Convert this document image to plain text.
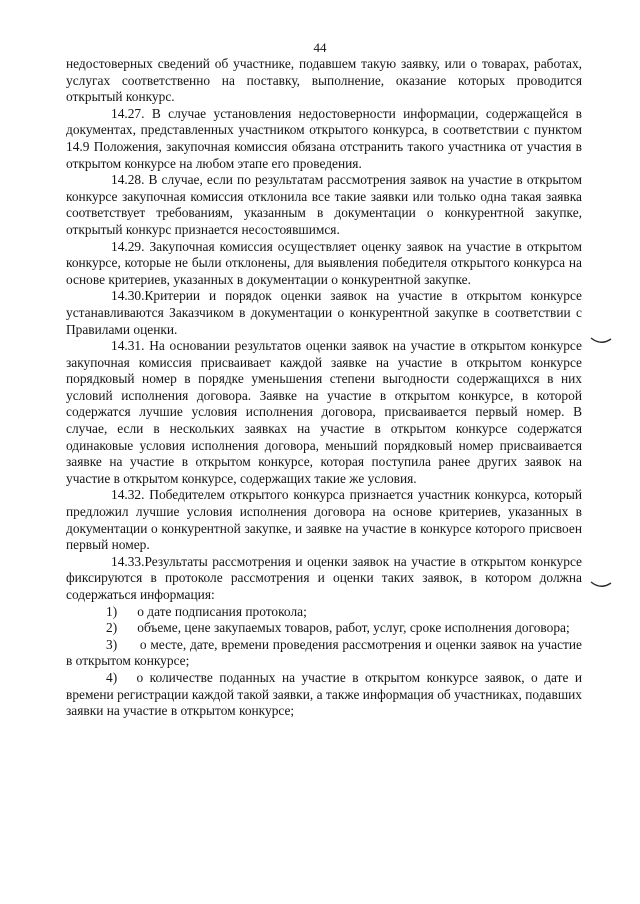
44

недостоверных сведений об участнике, подавшем такую заявку, или о товарах, работах, услугах соответственно на поставку, выполнение, оказание которых проводится открытый конкурс.

14.27. В случае установления недостоверности информации, содержащейся в документах, представленных участником открытого конкурса, в соответствии с пунктом 14.9 Положения, закупочная комиссия обязана отстранить такого участника от участия в открытом конкурсе на любом этапе его проведения.

14.28. В случае, если по результатам рассмотрения заявок на участие в открытом конкурсе закупочная комиссия отклонила все такие заявки или только одна такая заявка соответствует требованиям, указанным в документации о конкурентной закупке, открытый конкурс признается несостоявшимся.

14.29. Закупочная комиссия осуществляет оценку заявок на участие в открытом конкурсе, которые не были отклонены, для выявления победителя открытого конкурса на основе критериев, указанных в документации о конкурентной закупке.

14.30.Критерии и порядок оценки заявок на участие в открытом конкурсе устанавливаются Заказчиком в документации о конкурентной закупке в соответствии с Правилами оценки.

14.31. На основании результатов оценки заявок на участие в открытом конкурсе закупочная комиссия присваивает каждой заявке на участие в открытом конкурсе порядковый номер в порядке уменьшения степени выгодности содержащихся в них условий исполнения договора. Заявке на участие в открытом конкурсе, в которой содержатся лучшие условия исполнения договора, присваивается первый номер. В случае, если в нескольких заявках на участие в открытом конкурсе содержатся одинаковые условия исполнения договора, меньший порядковый номер присваивается заявке на участие в открытом конкурсе, которая поступила ранее других заявок на участие в открытом конкурсе, содержащих такие же условия.

14.32. Победителем открытого конкурса признается участник конкурса, который предложил лучшие условия исполнения договора на основе критериев, указанных в документации о конкурентной закупке, и заявке на участие в конкурсе которого присвоен первый номер.

14.33.Результаты рассмотрения и оценки заявок на участие в открытом конкурсе фиксируются в протоколе рассмотрения и оценки таких заявок, в котором должна содержаться информация:

1) о дате подписания протокола;

2) объеме, цене закупаемых товаров, работ, услуг, сроке исполнения договора;

3) о месте, дате, времени проведения рассмотрения и оценки заявок на участие в открытом конкурсе;

4) о количестве поданных на участие в открытом конкурсе заявок, о дате и времени регистрации каждой такой заявки, а также информация об участниках, подавших заявки на участие в открытом конкурсе;
